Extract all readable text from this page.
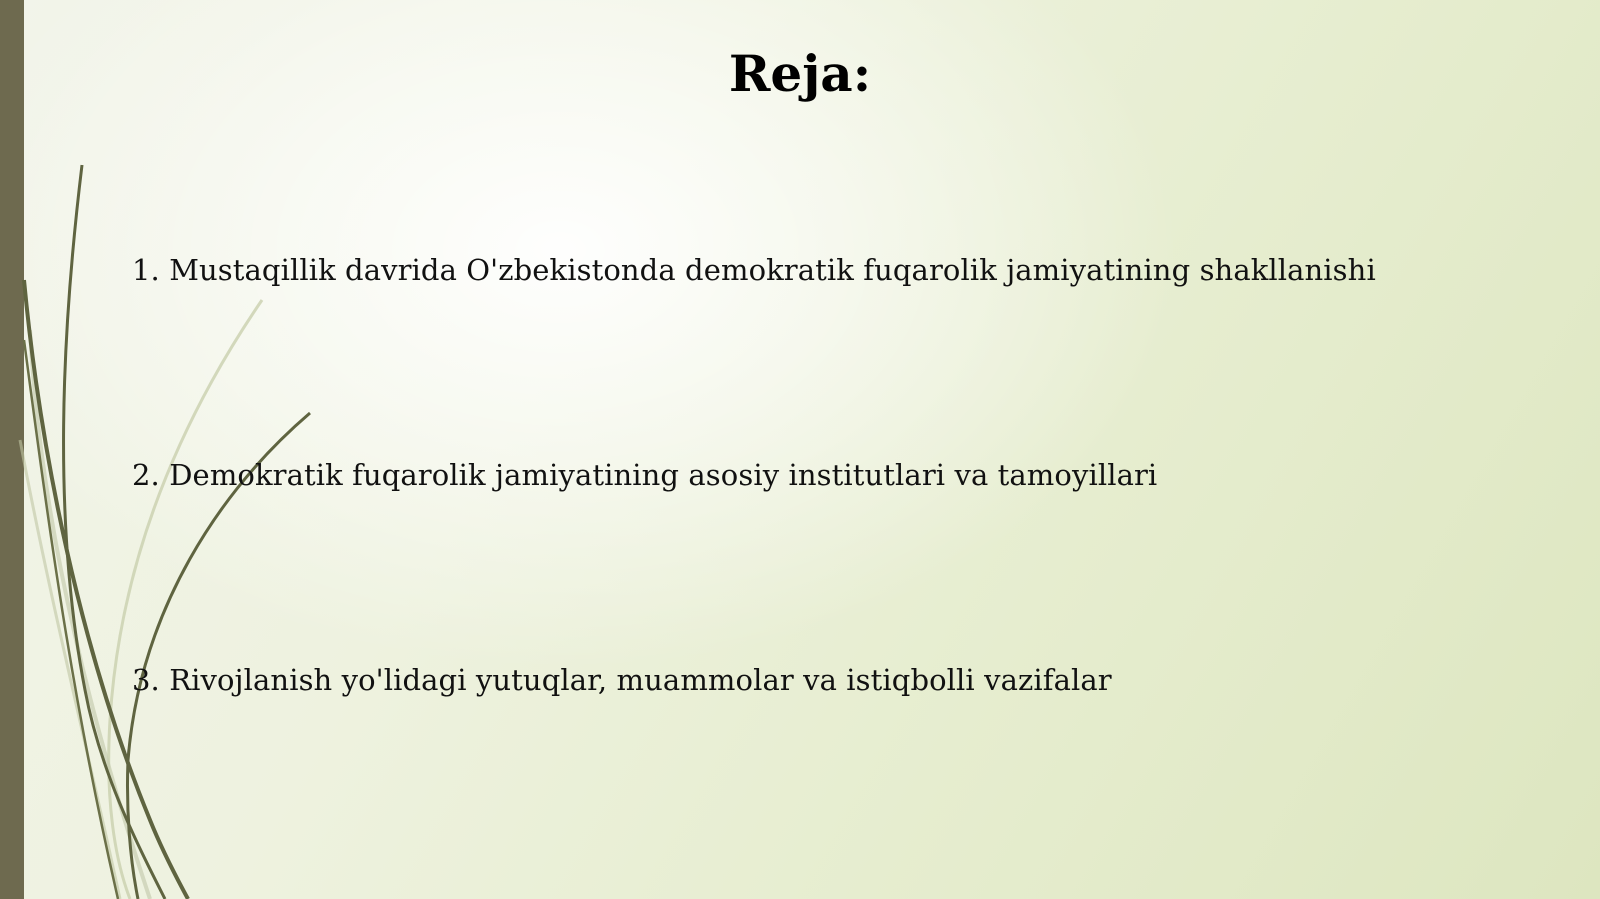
Reja:
1. Mustaqillik davrida O'zbekistonda demokratik fuqarolik jamiyatining shakllanishi
2. Demokratik fuqarolik jamiyatining asosiy institutlari va tamoyillari
3. Rivojlanish yo'lidagi yutuqlar, muammolar va istiqbolli vazifalar
